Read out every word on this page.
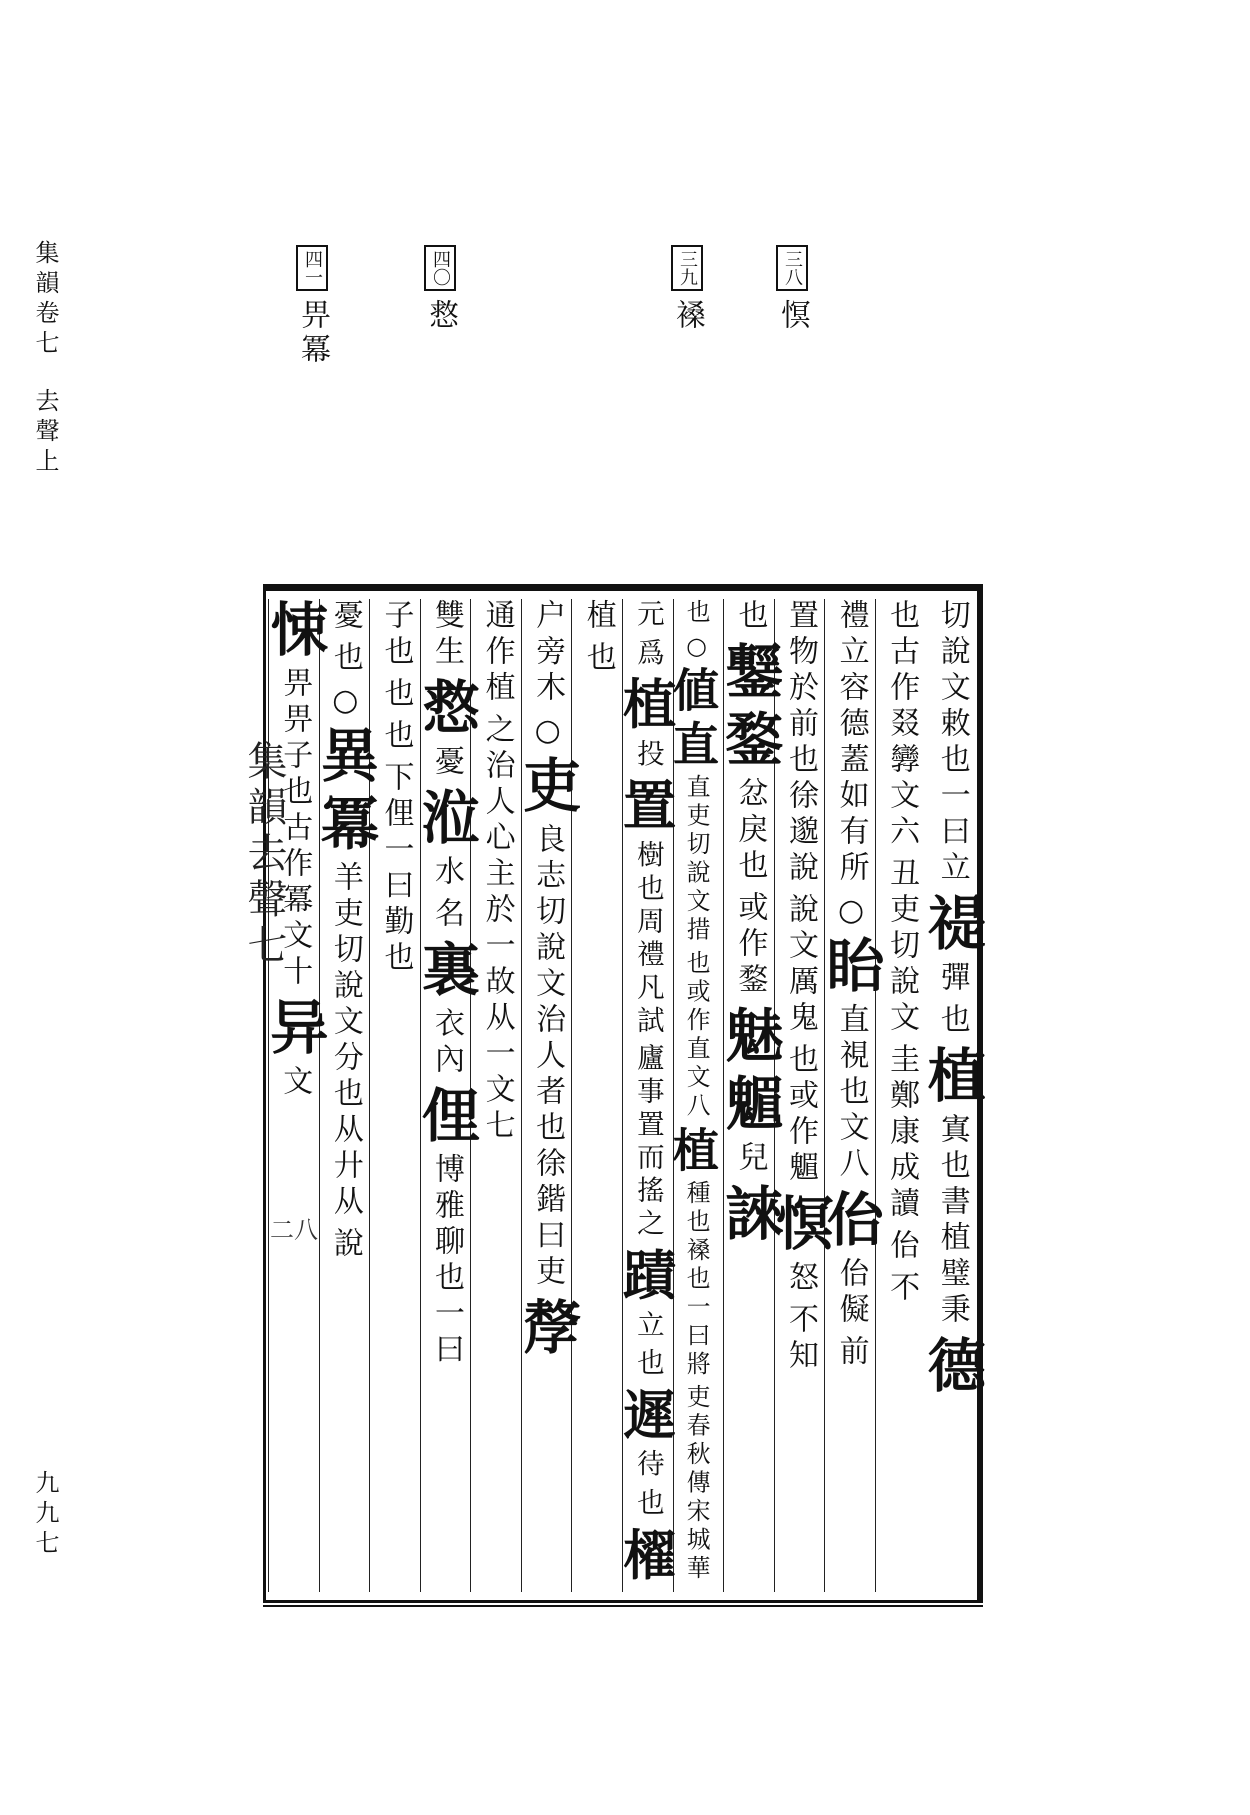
集韻卷七去聲上
九九七
三八慏
三九褬
四〇慦
四一畀冪
切說文敕也一曰立
禔
彈
也
植
寘也書植璧秉
德
也古作叕㝈文六
丑吏切說文
圭鄭康成讀
佁
不
禮立容德蓋如有所
○
眙
直視也文八
佁
佁儗
前
置物於前也徐邈說
說文厲鬼
也或作䰨
慏
怒
不知
也
鑋
鍪
忿戾也
或作鍪
魅
䰨
兒
誺
也
○
値
直
直吏切說文措
也或作直文八
植
種也褬也一曰將
吏春秋傳宋城華
元
爲
植
投
置
樹也周禮凡試
廬事置而搖之
蹟
立
也
遲
待
也
櫂
植
也
户旁木
○
吏
良志切說文治人者也徐鍇曰吏
孷
通作植
之治人心主於一故从一文七
雙生
慦
憂
涖
水
名
裏
衣內
俚
博雅聊也一曰
子也
也
也
下俚一曰勤也
憂
也
○
異
冪
羊吏切說文分也从廾从
說
悚
畀畀子也古作冪文十
异
文
集韻去聲七
二八
